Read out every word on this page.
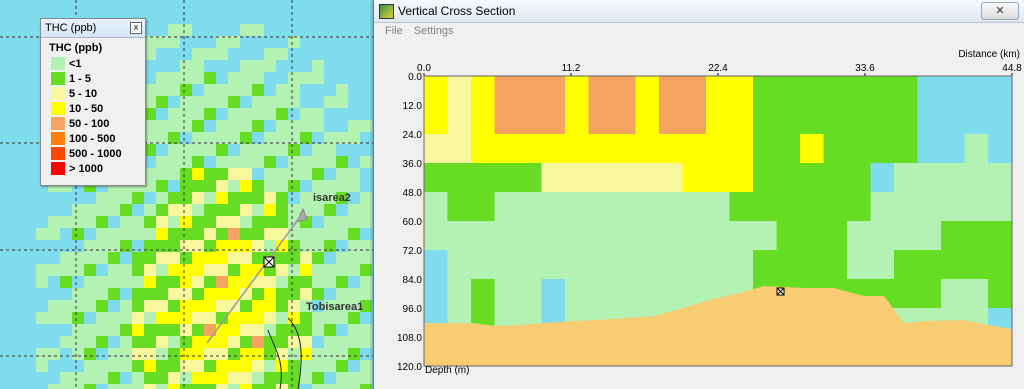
isarea2
Tobisarea1
THC (ppb)	x
THC (ppb)
<1
1 - 5
5 - 10
10 - 50
50 - 100
100 - 500
500 - 1000
> 1000
Vertical Cross Section	✕
File	Settings
Distance (km)
0.0	11.2	22.4	33.6	44.8
0.0
12.0
24.0
36.0
48.0
60.0
72.0
84.0
96.0
108.0
120.0 Depth (m)
